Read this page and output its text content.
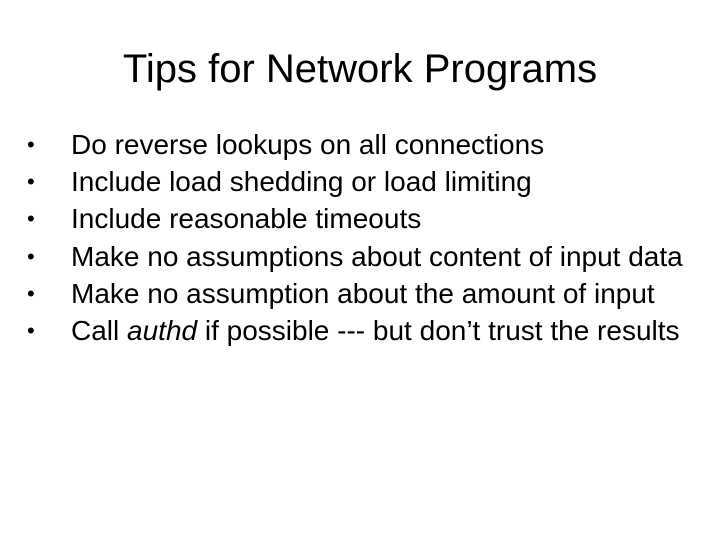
Tips for Network Programs
• Do reverse lookups on all connections
• Include load shedding or load limiting
• Include reasonable timeouts
• Make no assumptions about content of input data
• Make no assumption about the amount of input
• Call authd if possible --- but don’t trust the results
